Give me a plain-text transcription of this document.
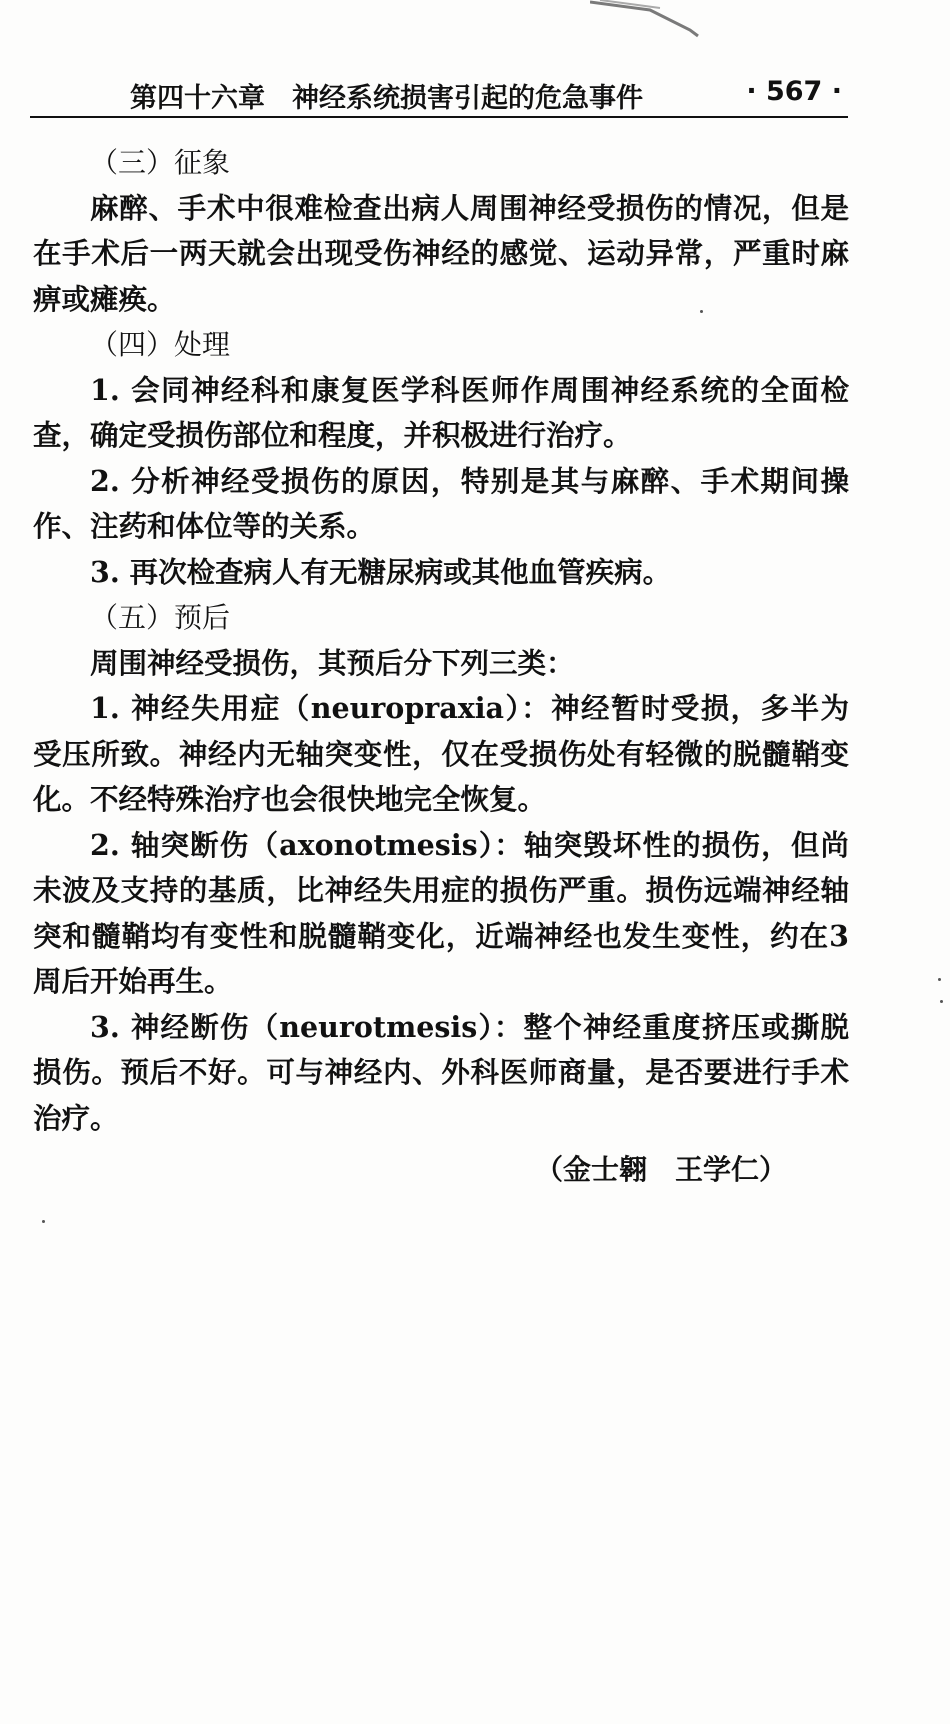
第四十六章　神经系统损害引起的危急事件	· 567 ·

（三）征象

麻醉、手术中很难检查出病人周围神经受损伤的情况，但是在手术后一两天就会出现受伤神经的感觉、运动异常，严重时麻痹或瘫痪。

（四）处理

1. 会同神经科和康复医学科医师作周围神经系统的全面检查，确定受损伤部位和程度，并积极进行治疗。

2. 分析神经受损伤的原因，特别是其与麻醉、手术期间操作、注药和体位等的关系。

3. 再次检查病人有无糖尿病或其他血管疾病。

（五）预后

周围神经受损伤，其预后分下列三类：

1. 神经失用症（neuropraxia）：神经暂时受损，多半为受压所致。神经内无轴突变性，仅在受损伤处有轻微的脱髓鞘变化。不经特殊治疗也会很快地完全恢复。

2. 轴突断伤（axonotmesis）：轴突毁坏性的损伤，但尚未波及支持的基质，比神经失用症的损伤严重。损伤远端神经轴突和髓鞘均有变性和脱髓鞘变化，近端神经也发生变性，约在3周后开始再生。

3. 神经断伤（neurotmesis）：整个神经重度挤压或撕脱损伤。预后不好。可与神经内、外科医师商量，是否要进行手术治疗。

（金士翱　王学仁）
